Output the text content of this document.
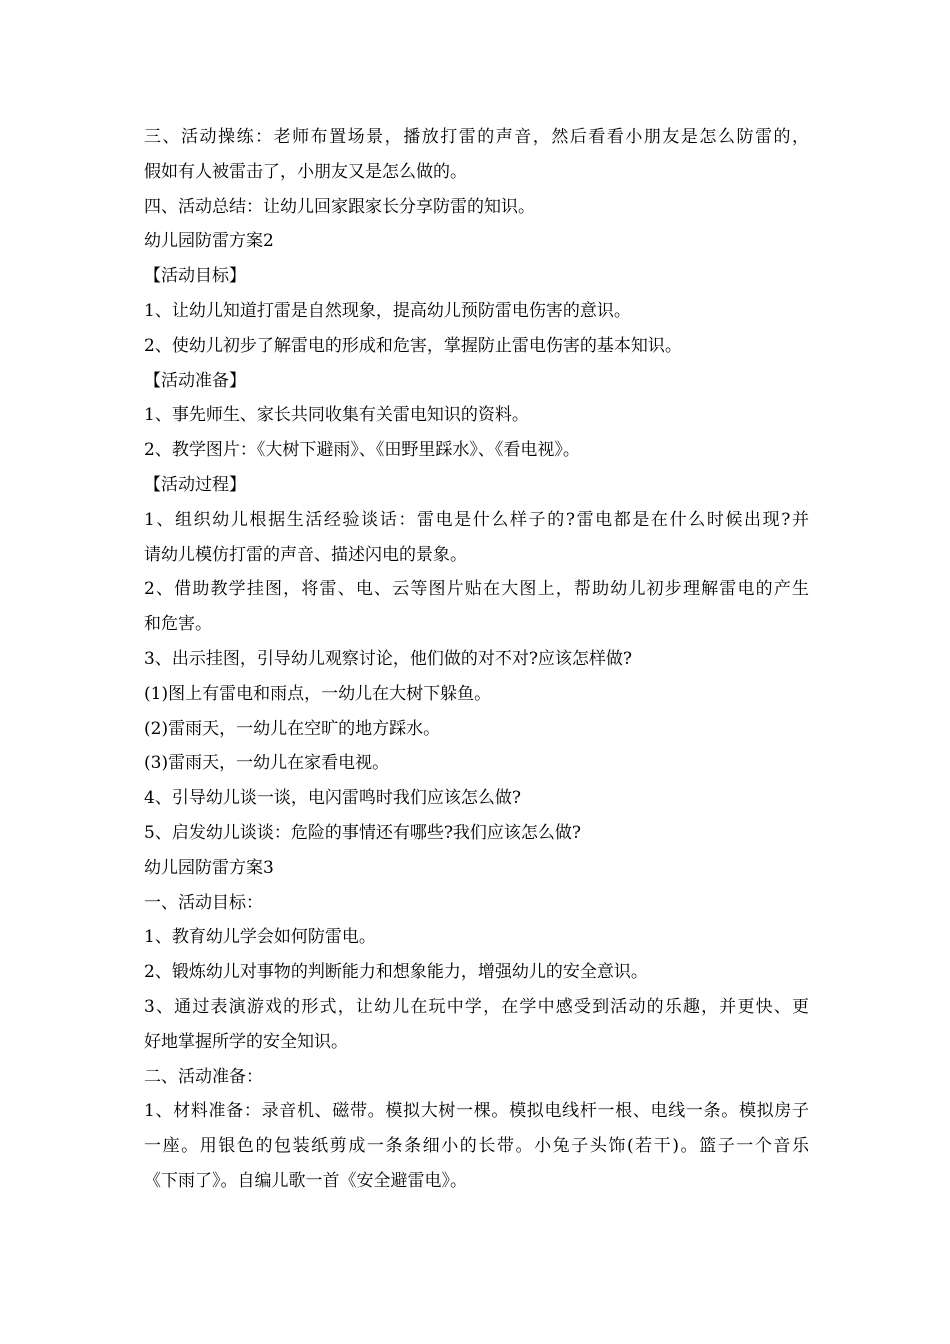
三、活动操练：老师布置场景，播放打雷的声音，然后看看小朋友是怎么防雷的，
假如有人被雷击了，小朋友又是怎么做的。
四、活动总结：让幼儿回家跟家长分享防雷的知识。
幼儿园防雷方案2
【活动目标】
1、让幼儿知道打雷是自然现象，提高幼儿预防雷电伤害的意识。
2、使幼儿初步了解雷电的形成和危害，掌握防止雷电伤害的基本知识。
【活动准备】
1、事先师生、家长共同收集有关雷电知识的资料。
2、教学图片：《大树下避雨》、《田野里踩水》、《看电视》。
【活动过程】
1、组织幼儿根据生活经验谈话：雷电是什么样子的?雷电都是在什么时候出现?并
请幼儿模仿打雷的声音、描述闪电的景象。
2、借助教学挂图，将雷、电、云等图片贴在大图上，帮助幼儿初步理解雷电的产生
和危害。
3、出示挂图，引导幼儿观察讨论，他们做的对不对?应该怎样做?
(1)图上有雷电和雨点，一幼儿在大树下躲鱼。
(2)雷雨天，一幼儿在空旷的地方踩水。
(3)雷雨天，一幼儿在家看电视。
4、引导幼儿谈一谈，电闪雷鸣时我们应该怎么做?
5、启发幼儿谈谈：危险的事情还有哪些?我们应该怎么做?
幼儿园防雷方案3
一、活动目标：
1、教育幼儿学会如何防雷电。
2、锻炼幼儿对事物的判断能力和想象能力，增强幼儿的安全意识。
3、通过表演游戏的形式，让幼儿在玩中学，在学中感受到活动的乐趣，并更快、更
好地掌握所学的安全知识。
二、活动准备：
1、材料准备：录音机、磁带。模拟大树一棵。模拟电线杆一根、电线一条。模拟房子
一座。用银色的包装纸剪成一条条细小的长带。小兔子头饰(若干)。篮子一个音乐
《下雨了》。自编儿歌一首《安全避雷电》。
